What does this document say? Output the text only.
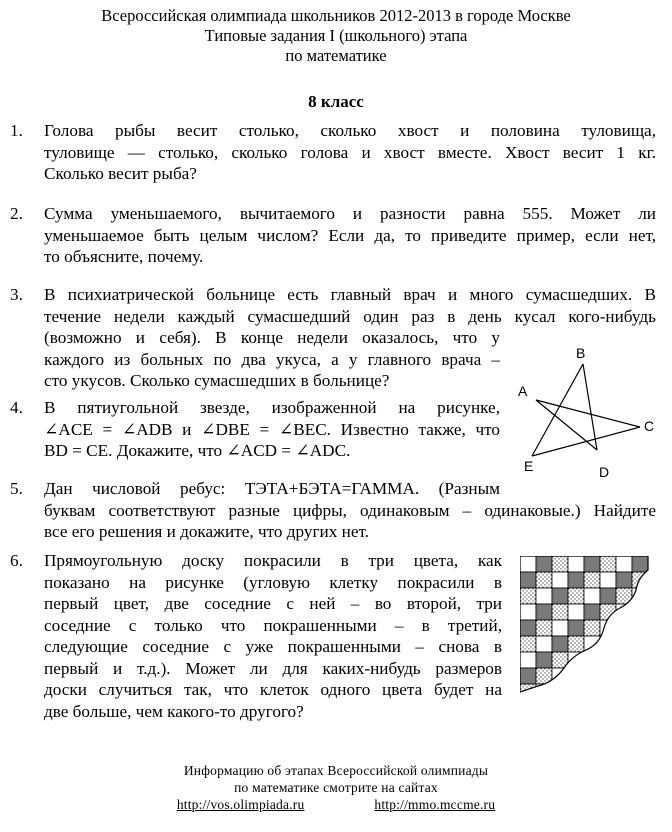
Всероссийская олимпиада школьников 2012-2013 в городе Москве
Типовые задания I (школьного) этапа
по математике
8 класс
1. Голова рыбы весит столько, сколько хвост и половина туловища,
туловище — столько, сколько голова и хвост вместе. Хвост весит 1 кг.
Сколько весит рыба?
2. Сумма уменьшаемого, вычитаемого и разности равна 555. Может ли
уменьшаемое быть целым числом? Если да, то приведите пример, если нет,
то объясните, почему.
3. В психиатрической больнице есть главный врач и много сумасшедших. В
течение недели каждый сумасшедший один раз в день кусал кого-нибудь
(возможно и себя). В конце недели оказалось, что у
каждого из больных по два укуса, а у главного врача –
сто укусов. Сколько сумасшедших в больнице?
B
A
C
E	D
4. В пятиугольной звезде, изображенной на рисунке,
∠ACE = ∠ADB и ∠DBE = ∠BEC. Известно также, что
BD = CE. Докажите, что ∠ACD = ∠ADC.
5. Дан числовой ребус: ТЭТА+БЭТА=ГАММА. (Разным
буквам соответствуют разные цифры, одинаковым – одинаковые.) Найдите
все его решения и докажите, что других нет.
6. Прямоугольную доску покрасили в три цвета, как
показано на рисунке (угловую клетку покрасили в
первый цвет, две соседние с ней – во второй, три
соседние с только что покрашенными – в третий,
следующие соседние с уже покрашенными – снова в
первый и т.д.). Может ли для каких-нибудь размеров
доски случиться так, что клеток одного цвета будет на
две больше, чем какого-то другого?
Информацию об этапах Всероссийской олимпиады
по математике смотрите на сайтах
http://vos.olimpiada.ru	http://mmo.mccme.ru
